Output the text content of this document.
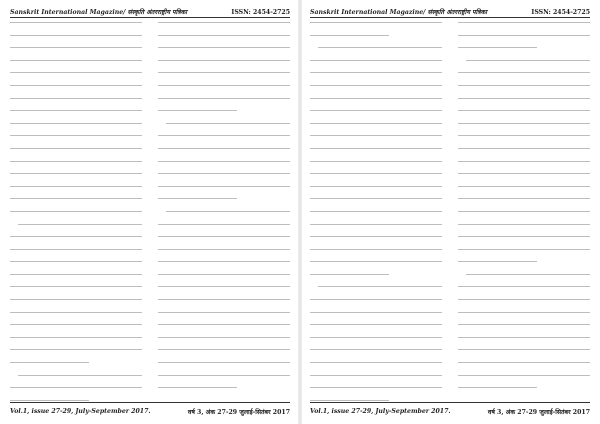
Sanskrit International Magazine/ संस्कृति अंतरराष्ट्रीय पत्रिका	ISSN: 2454-2725
Vol.1, issue 27-29, July-September 2017.	वर्ष 3, अंक 27-29 जुलाई-सितंबर 2017
Sanskrit International Magazine/ संस्कृति अंतरराष्ट्रीय पत्रिका	ISSN: 2454-2725
Vol.1, issue 27-29, July-September 2017.	वर्ष 3, अंक 27-29 जुलाई-सितंबर 2017
